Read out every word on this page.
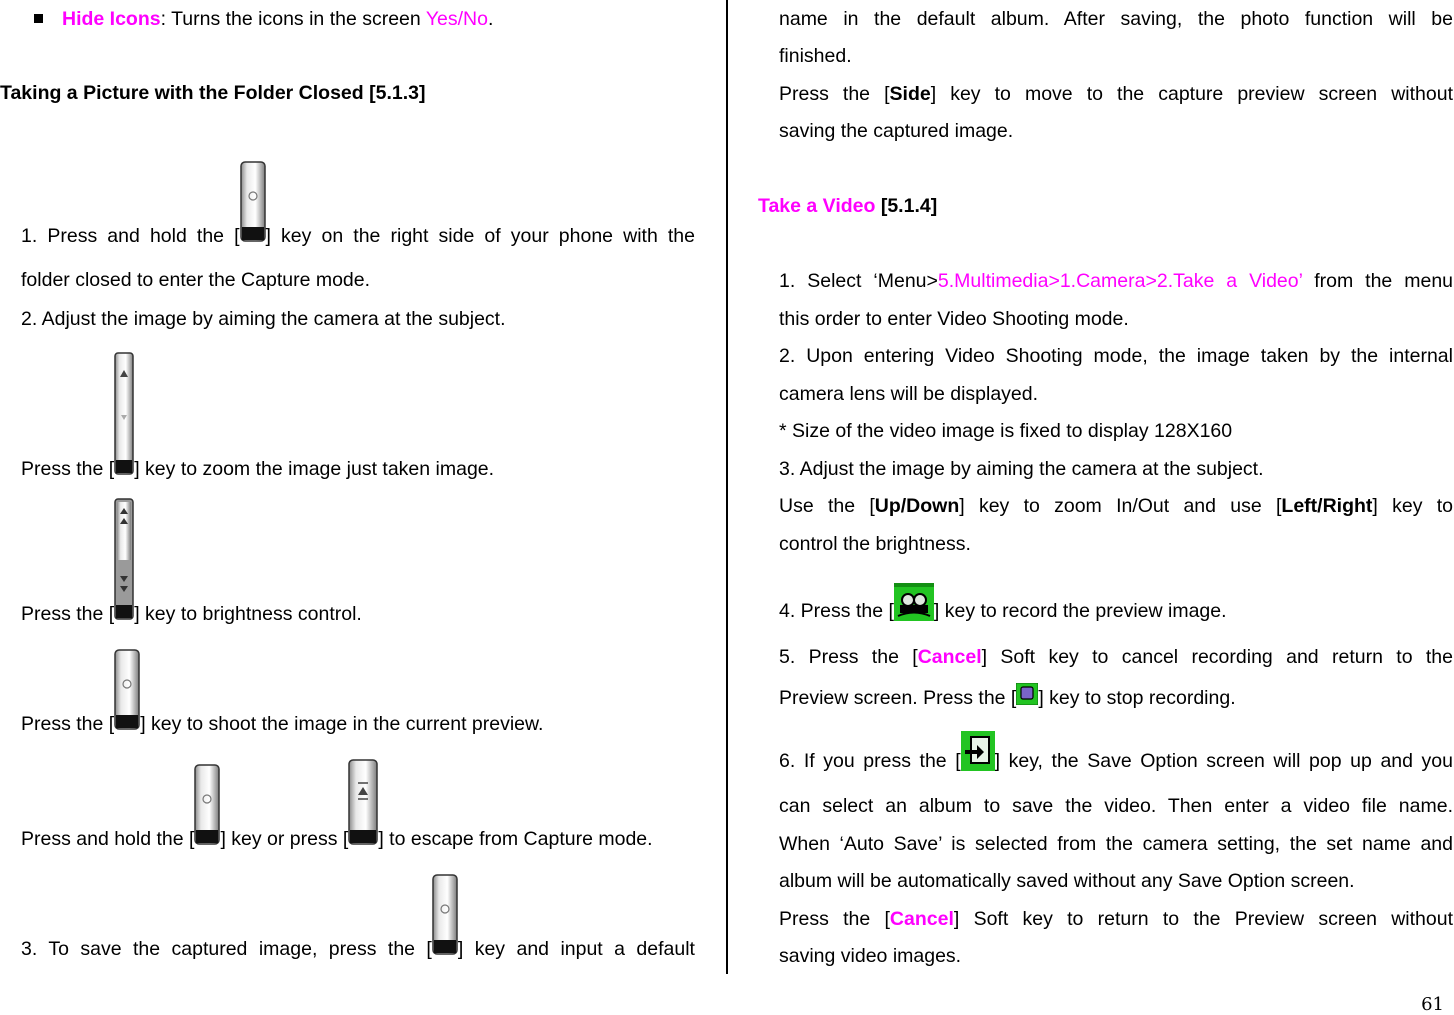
Hide Icons: Turns the icons in the screen Yes/No.
Taking a Picture with the Folder Closed [5.1.3]
1. Press and hold the [ ] key on the right side of your phone with the
folder closed to enter the Capture mode.
2. Adjust the image by aiming the camera at the subject.
Press the [ ] key to zoom the image just taken image.
Press the [ ] key to brightness control.
Press the [ ] key to shoot the image in the current preview.
Press and hold the [ ] key or press [ ] to escape from Capture mode.
3. To save the captured image, press the [ ] key and input a default
name in the default album. After saving, the photo function will be
finished.
Press the [Side] key to move to the capture preview screen without
saving the captured image.
Take a Video [5.1.4]
1. Select ‘Menu>5.Multimedia>1.Camera>2.Take a Video’ from the menu
this order to enter Video Shooting mode.
2. Upon entering Video Shooting mode, the image taken by the internal
camera lens will be displayed.
* Size of the video image is fixed to display 128X160
3. Adjust the image by aiming the camera at the subject.
Use the [Up/Down] key to zoom In/Out and use [Left/Right] key to
control the brightness.
4. Press the [ ] key to record the preview image.
5. Press the [Cancel] Soft key to cancel recording and return to the
Preview screen. Press the [ ] key to stop recording.
6. If you press the [ ] key, the Save Option screen will pop up and you
can select an album to save the video. Then enter a video file name.
When ‘Auto Save’ is selected from the camera setting, the set name and
album will be automatically saved without any Save Option screen.
Press the [Cancel] Soft key to return to the Preview screen without
saving video images.
61
